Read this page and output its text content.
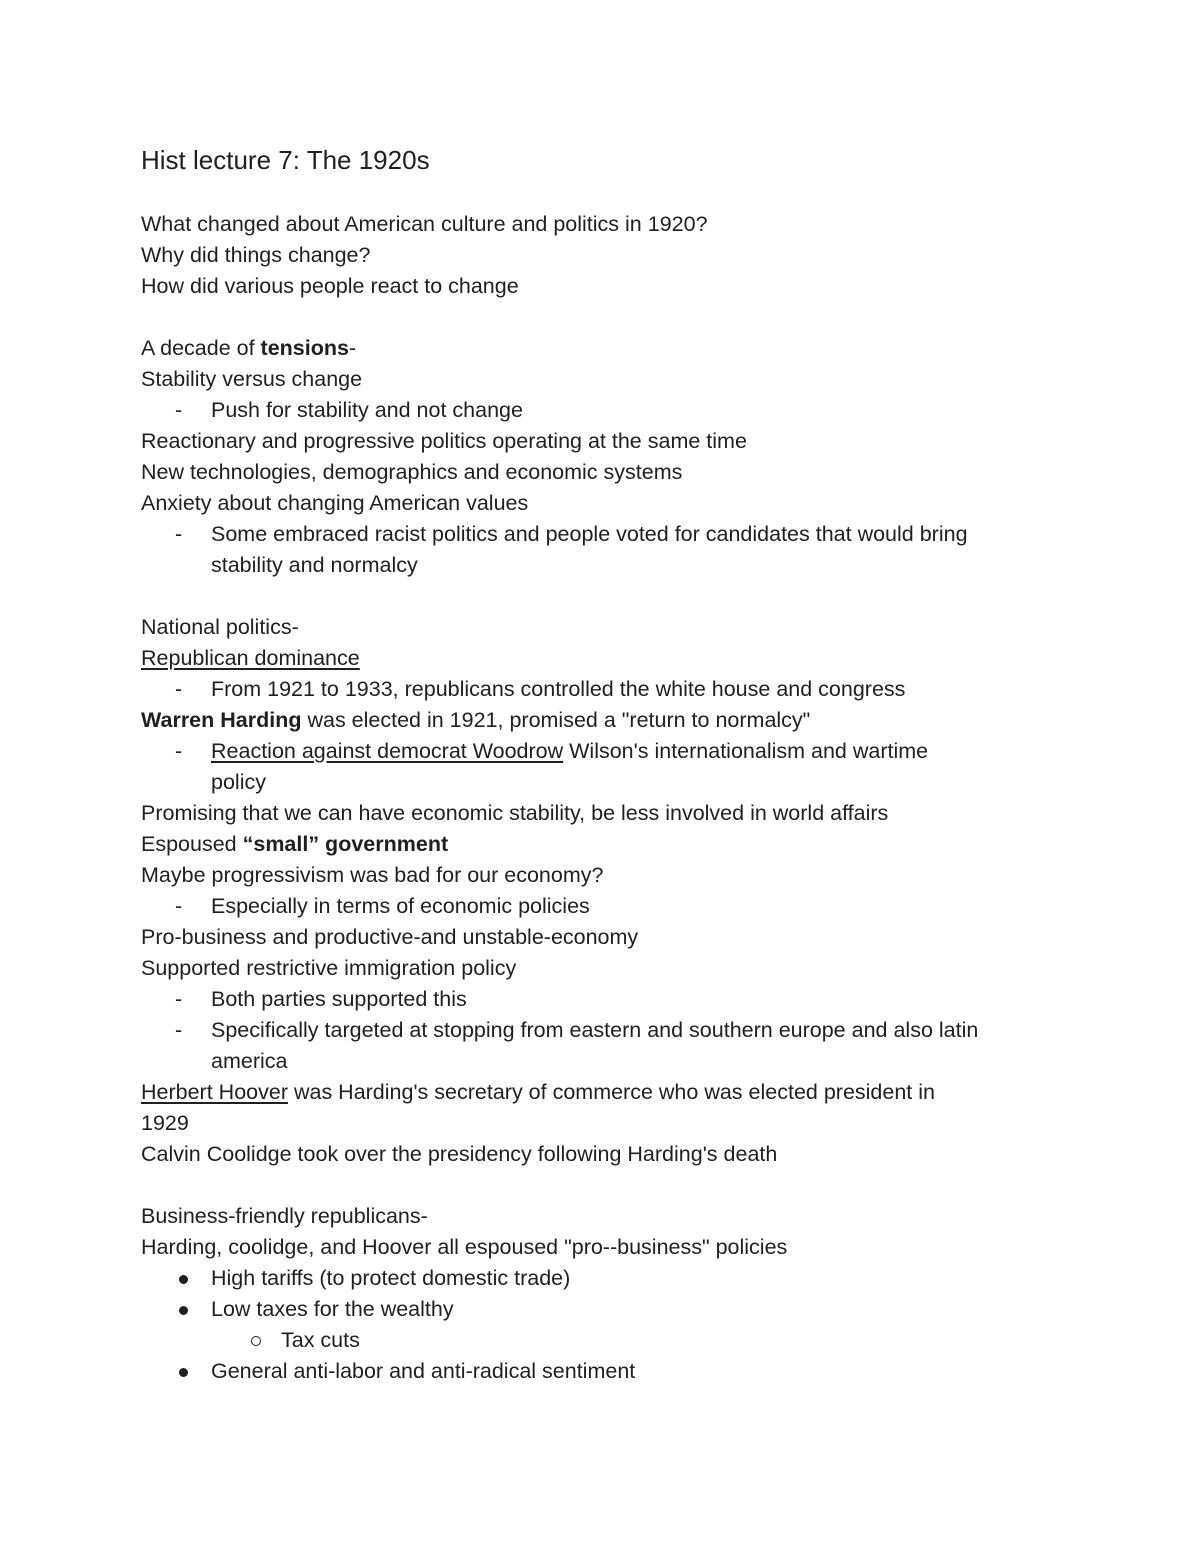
Hist lecture 7: The 1920s
What changed about American culture and politics in 1920?
Why did things change?
How did various people react to change
A decade of tensions-
Stability versus change
-	Push for stability and not change
Reactionary and progressive politics operating at the same time
New technologies, demographics and economic systems
Anxiety about changing American values
-	Some embraced racist politics and people voted for candidates that would bring
stability and normalcy
National politics-
Republican dominance
-	From 1921 to 1933, republicans controlled the white house and congress
Warren Harding was elected in 1921, promised a "return to normalcy"
-	Reaction against democrat Woodrow Wilson's internationalism and wartime
policy
Promising that we can have economic stability, be less involved in world affairs
Espoused “small” government
Maybe progressivism was bad for our economy?
-	Especially in terms of economic policies
Pro-business and productive-and unstable-economy
Supported restrictive immigration policy
-	Both parties supported this
-	Specifically targeted at stopping from eastern and southern europe and also latin
america
Herbert Hoover was Harding's secretary of commerce who was elected president in
1929
Calvin Coolidge took over the presidency following Harding's death
Business-friendly republicans-
Harding, coolidge, and Hoover all espoused "pro--business" policies
High tariffs (to protect domestic trade)
Low taxes for the wealthy
Tax cuts
General anti-labor and anti-radical sentiment
